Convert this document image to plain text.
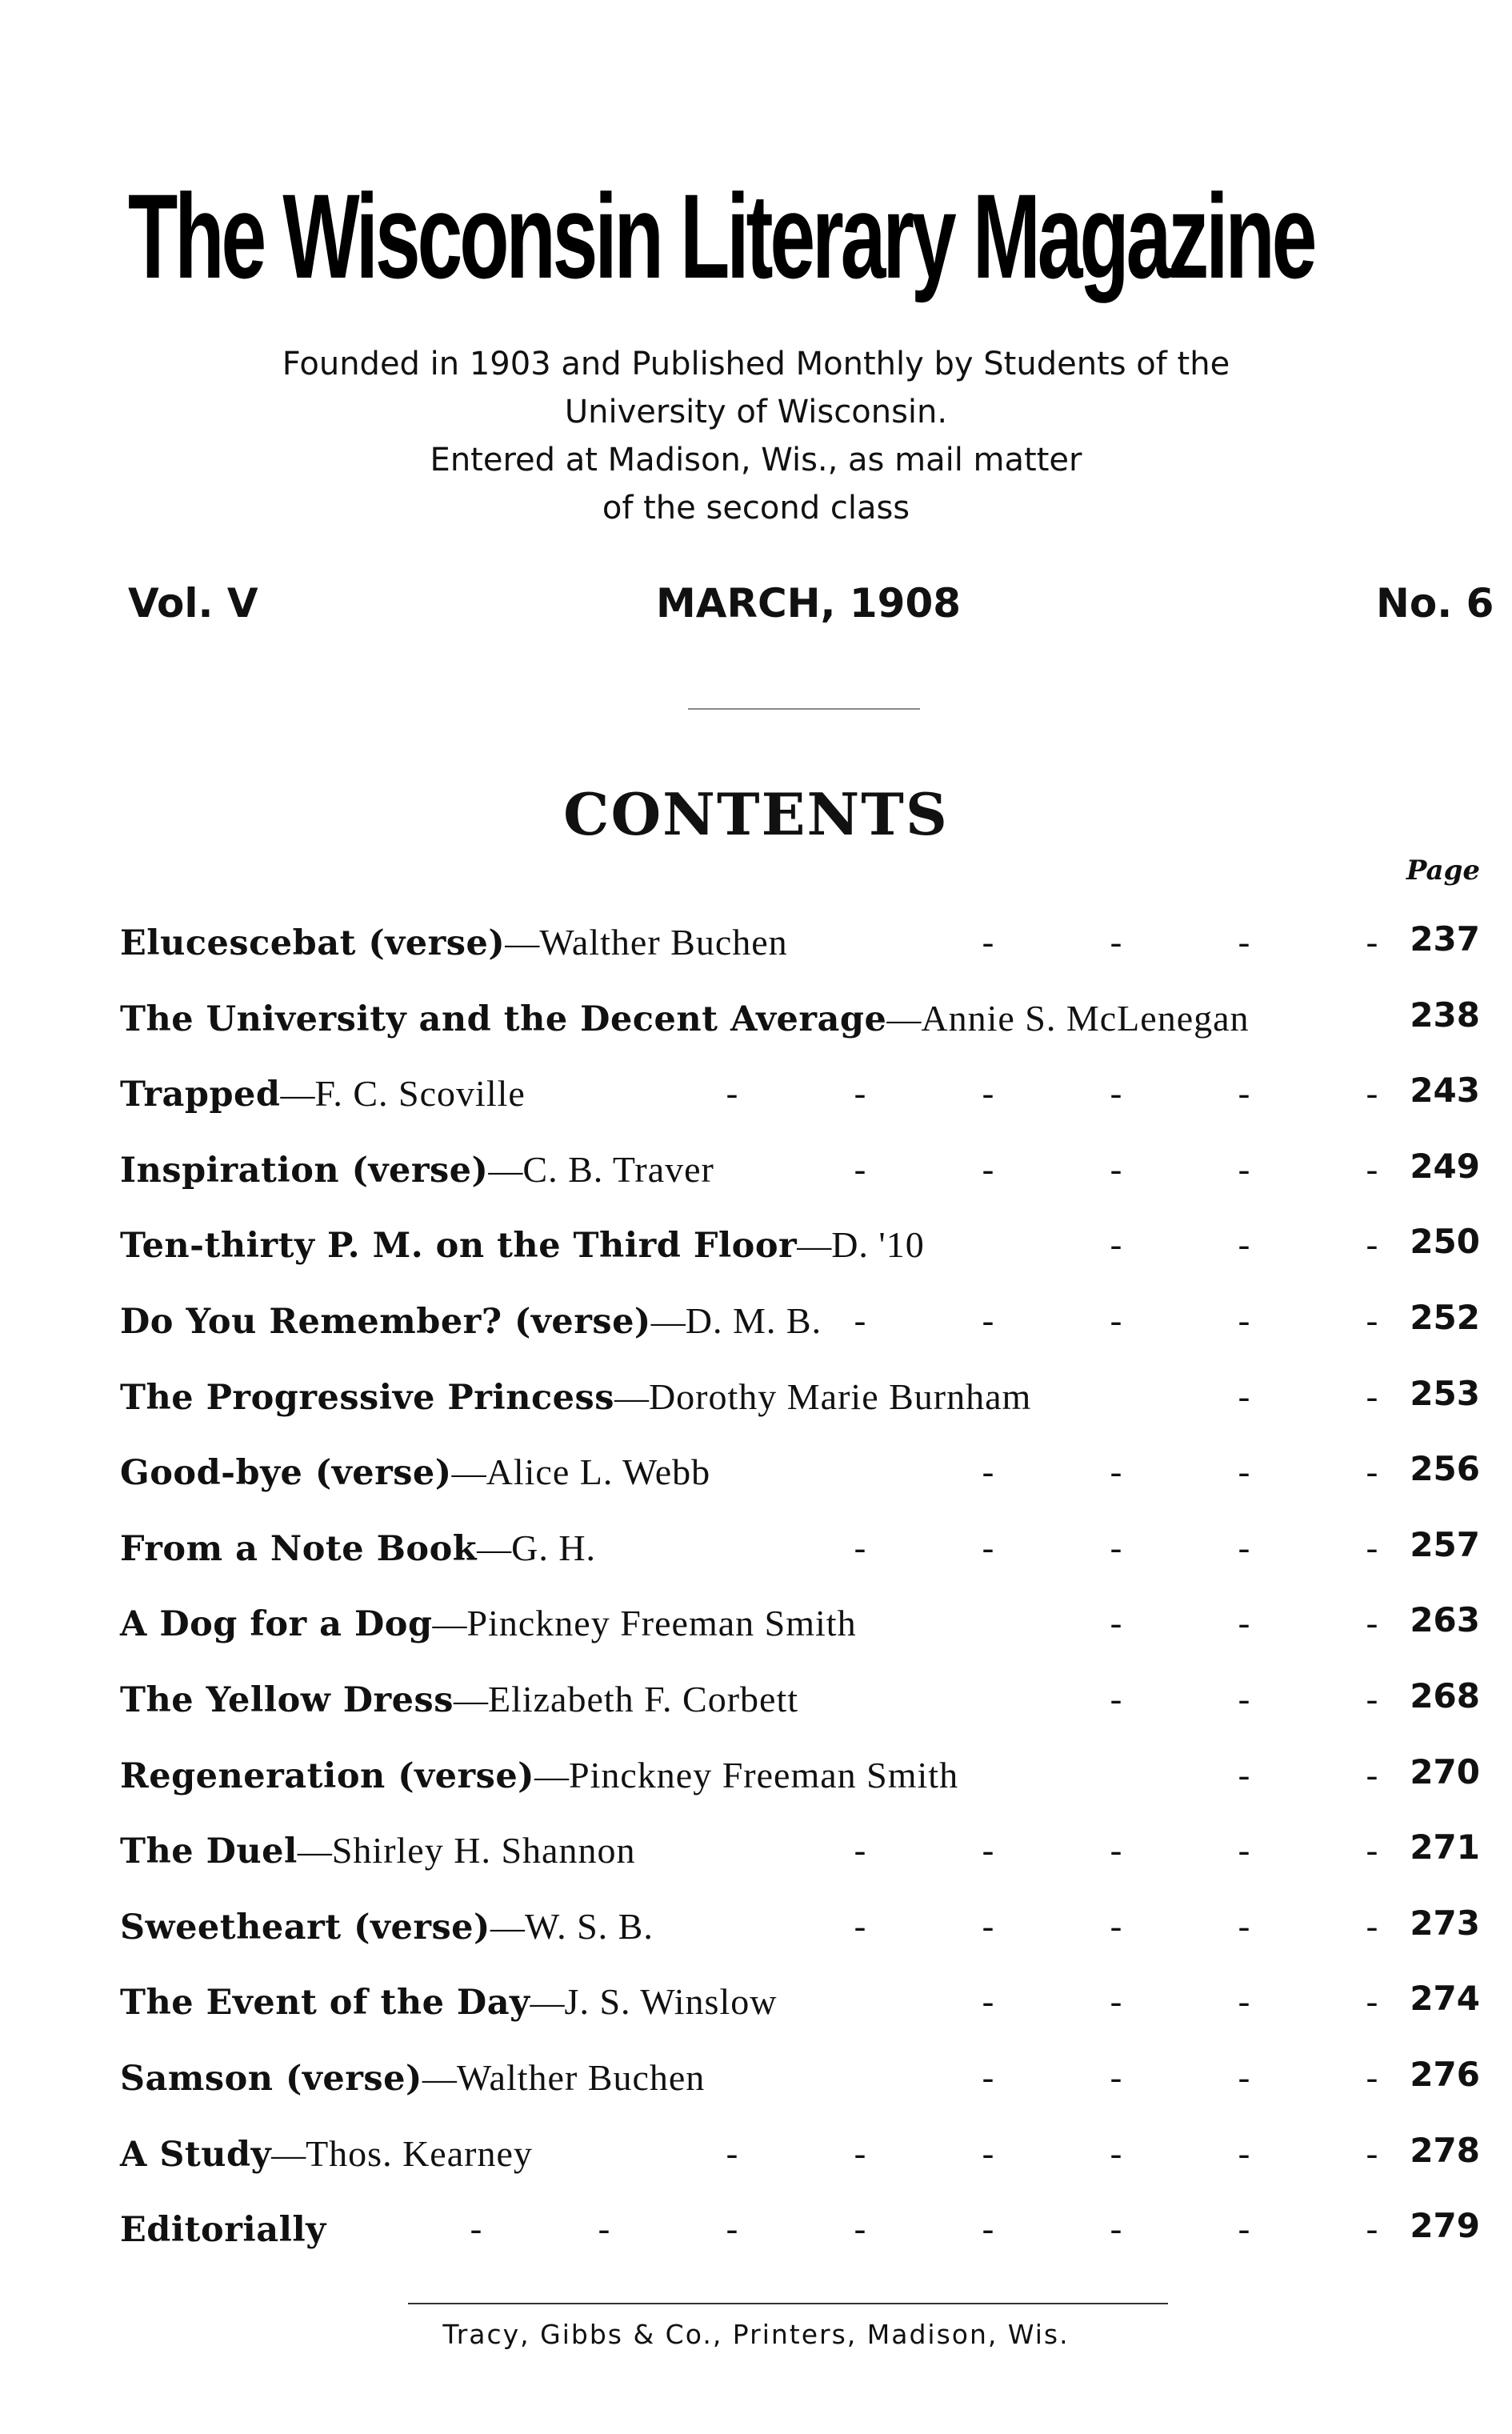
The Wisconsin Literary Magazine
Founded in 1903 and Published Monthly by Students of the
University of Wisconsin.
Entered at Madison, Wis., as mail matter
of the second class
Vol. V	MARCH, 1908	No. 6
CONTENTS
Page
Elucescebat (verse)—Walther Buchen	-	-	-	- 237
The University and the Decent Average—Annie S. McLenegan	238
Trapped—F. C. Scoville	-	-	-	-	-	- 243
Inspiration (verse)—C. B. Traver	-	-	-	-	- 249
Ten-thirty P. M. on the Third Floor—D. '10	-	-	- 250
Do You Remember? (verse)—D. M. B. -	-	-	-	- 252
The Progressive Princess—Dorothy Marie Burnham	-	- 253
Good-bye (verse)—Alice L. Webb	-	-	-	- 256
From a Note Book—G. H.	-	-	-	-	- 257
A Dog for a Dog—Pinckney Freeman Smith	-	-	- 263
The Yellow Dress—Elizabeth F. Corbett	-	-	- 268
Regeneration (verse)—Pinckney Freeman Smith	-	- 270
The Duel—Shirley H. Shannon	-	-	-	-	- 271
Sweetheart (verse)—W. S. B.	-	-	-	-	- 273
The Event of the Day—J. S. Winslow	-	-	-	- 274
Samson (verse)—Walther Buchen	-	-	-	- 276
A Study—Thos. Kearney	-	-	-	-	-	- 278
Editorially	-	-	-	-	-	-	-	- 279
Tracy, Gibbs & Co., Printers, Madison, Wis.
